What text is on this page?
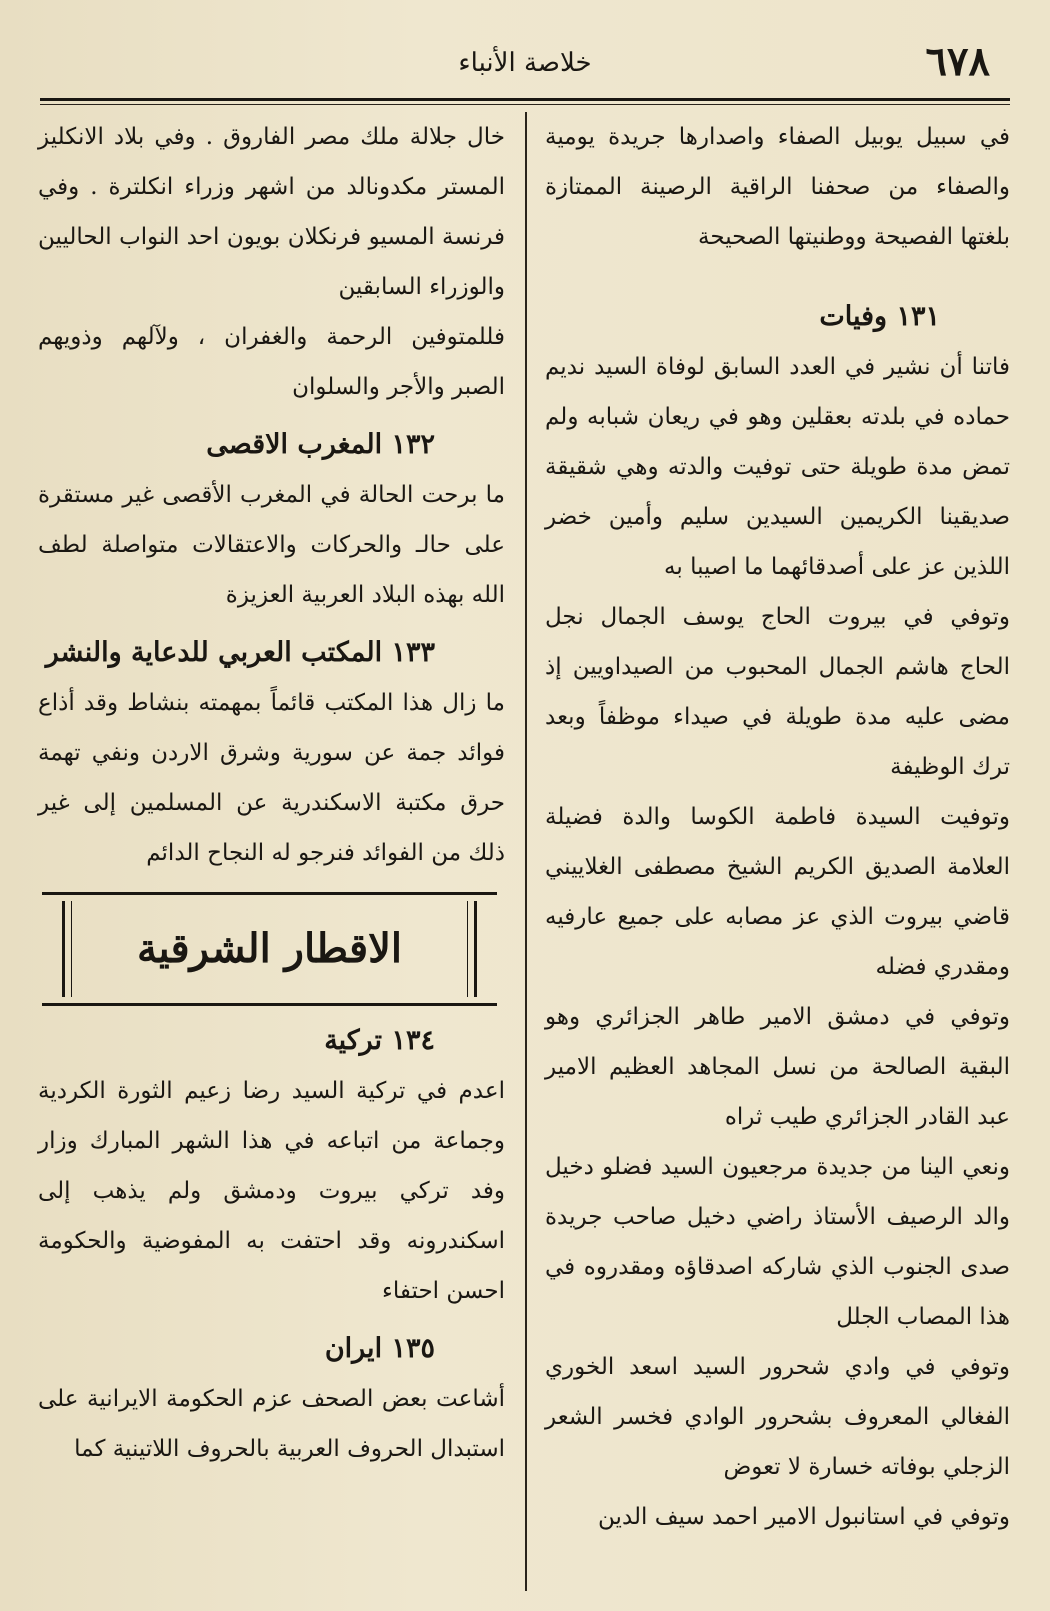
٦٧٨
خلاصة الأنباء

في سبيل يوبيل الصفاء واصدارها جريدة يومية والصفاء من صحفنا الراقية الرصينة الممتازة بلغتها الفصيحة ووطنيتها الصحيحة

١٣١ وفيات

فاتنا أن نشير في العدد السابق لوفاة السيد نديم حماده في بلدته بعقلين وهو في ريعان شبابه ولم تمض مدة طويلة حتى توفيت والدته وهي شقيقة صديقينا الكريمين السيدين سليم وأمين خضر اللذين عز على أصدقائهما ما اصيبا به

وتوفي في بيروت الحاج يوسف الجمال نجل الحاج هاشم الجمال المحبوب من الصيداويين إذ مضى عليه مدة طويلة في صيداء موظفاً وبعد ترك الوظيفة

وتوفيت السيدة فاطمة الكوسا والدة فضيلة العلامة الصديق الكريم الشيخ مصطفى الغلاييني قاضي بيروت الذي عز مصابه على جميع عارفيه ومقدري فضله

وتوفي في دمشق الامير طاهر الجزائري وهو البقية الصالحة من نسل المجاهد العظيم الامير عبد القادر الجزائري طيب ثراه

ونعي الينا من جديدة مرجعيون السيد فضلو دخيل والد الرصيف الأستاذ راضي دخيل صاحب جريدة صدى الجنوب الذي شاركه اصدقاؤه ومقدروه في هذا المصاب الجلل

وتوفي في وادي شحرور السيد اسعد الخوري الفغالي المعروف بشحرور الوادي فخسر الشعر الزجلي بوفاته خسارة لا تعوض

وتوفي في استانبول الامير احمد سيف الدين

خال جلالة ملك مصر الفاروق . وفي بلاد الانكليز المستر مكدونالد من اشهر وزراء انكلترة . وفي فرنسة المسيو فرنكلان بويون احد النواب الحاليين والوزراء السابقين

فللمتوفين الرحمة والغفران ، ولآلهم وذويهم الصبر والأجر والسلوان

١٣٢ المغرب الاقصى

ما برحت الحالة في المغرب الأقصى غير مستقرة على حالـ والحركات والاعتقالات متواصلة لطف الله بهذه البلاد العربية العزيزة

١٣٣ المكتب العربي للدعاية والنشر

ما زال هذا المكتب قائماً بمهمته بنشاط وقد أذاع فوائد جمة عن سورية وشرق الاردن ونفي تهمة حرق مكتبة الاسكندرية عن المسلمين إلى غير ذلك من الفوائد فنرجو له النجاح الدائم

الاقطار الشرقية

١٣٤ تركية

اعدم في تركية السيد رضا زعيم الثورة الكردية وجماعة من اتباعه في هذا الشهر المبارك وزار وفد تركي بيروت ودمشق ولم يذهب إلى اسكندرونه وقد احتفت به المفوضية والحكومة احسن احتفاء

١٣٥ ايران

أشاعت بعض الصحف عزم الحكومة الايرانية على استبدال الحروف العربية بالحروف اللاتينية كما
